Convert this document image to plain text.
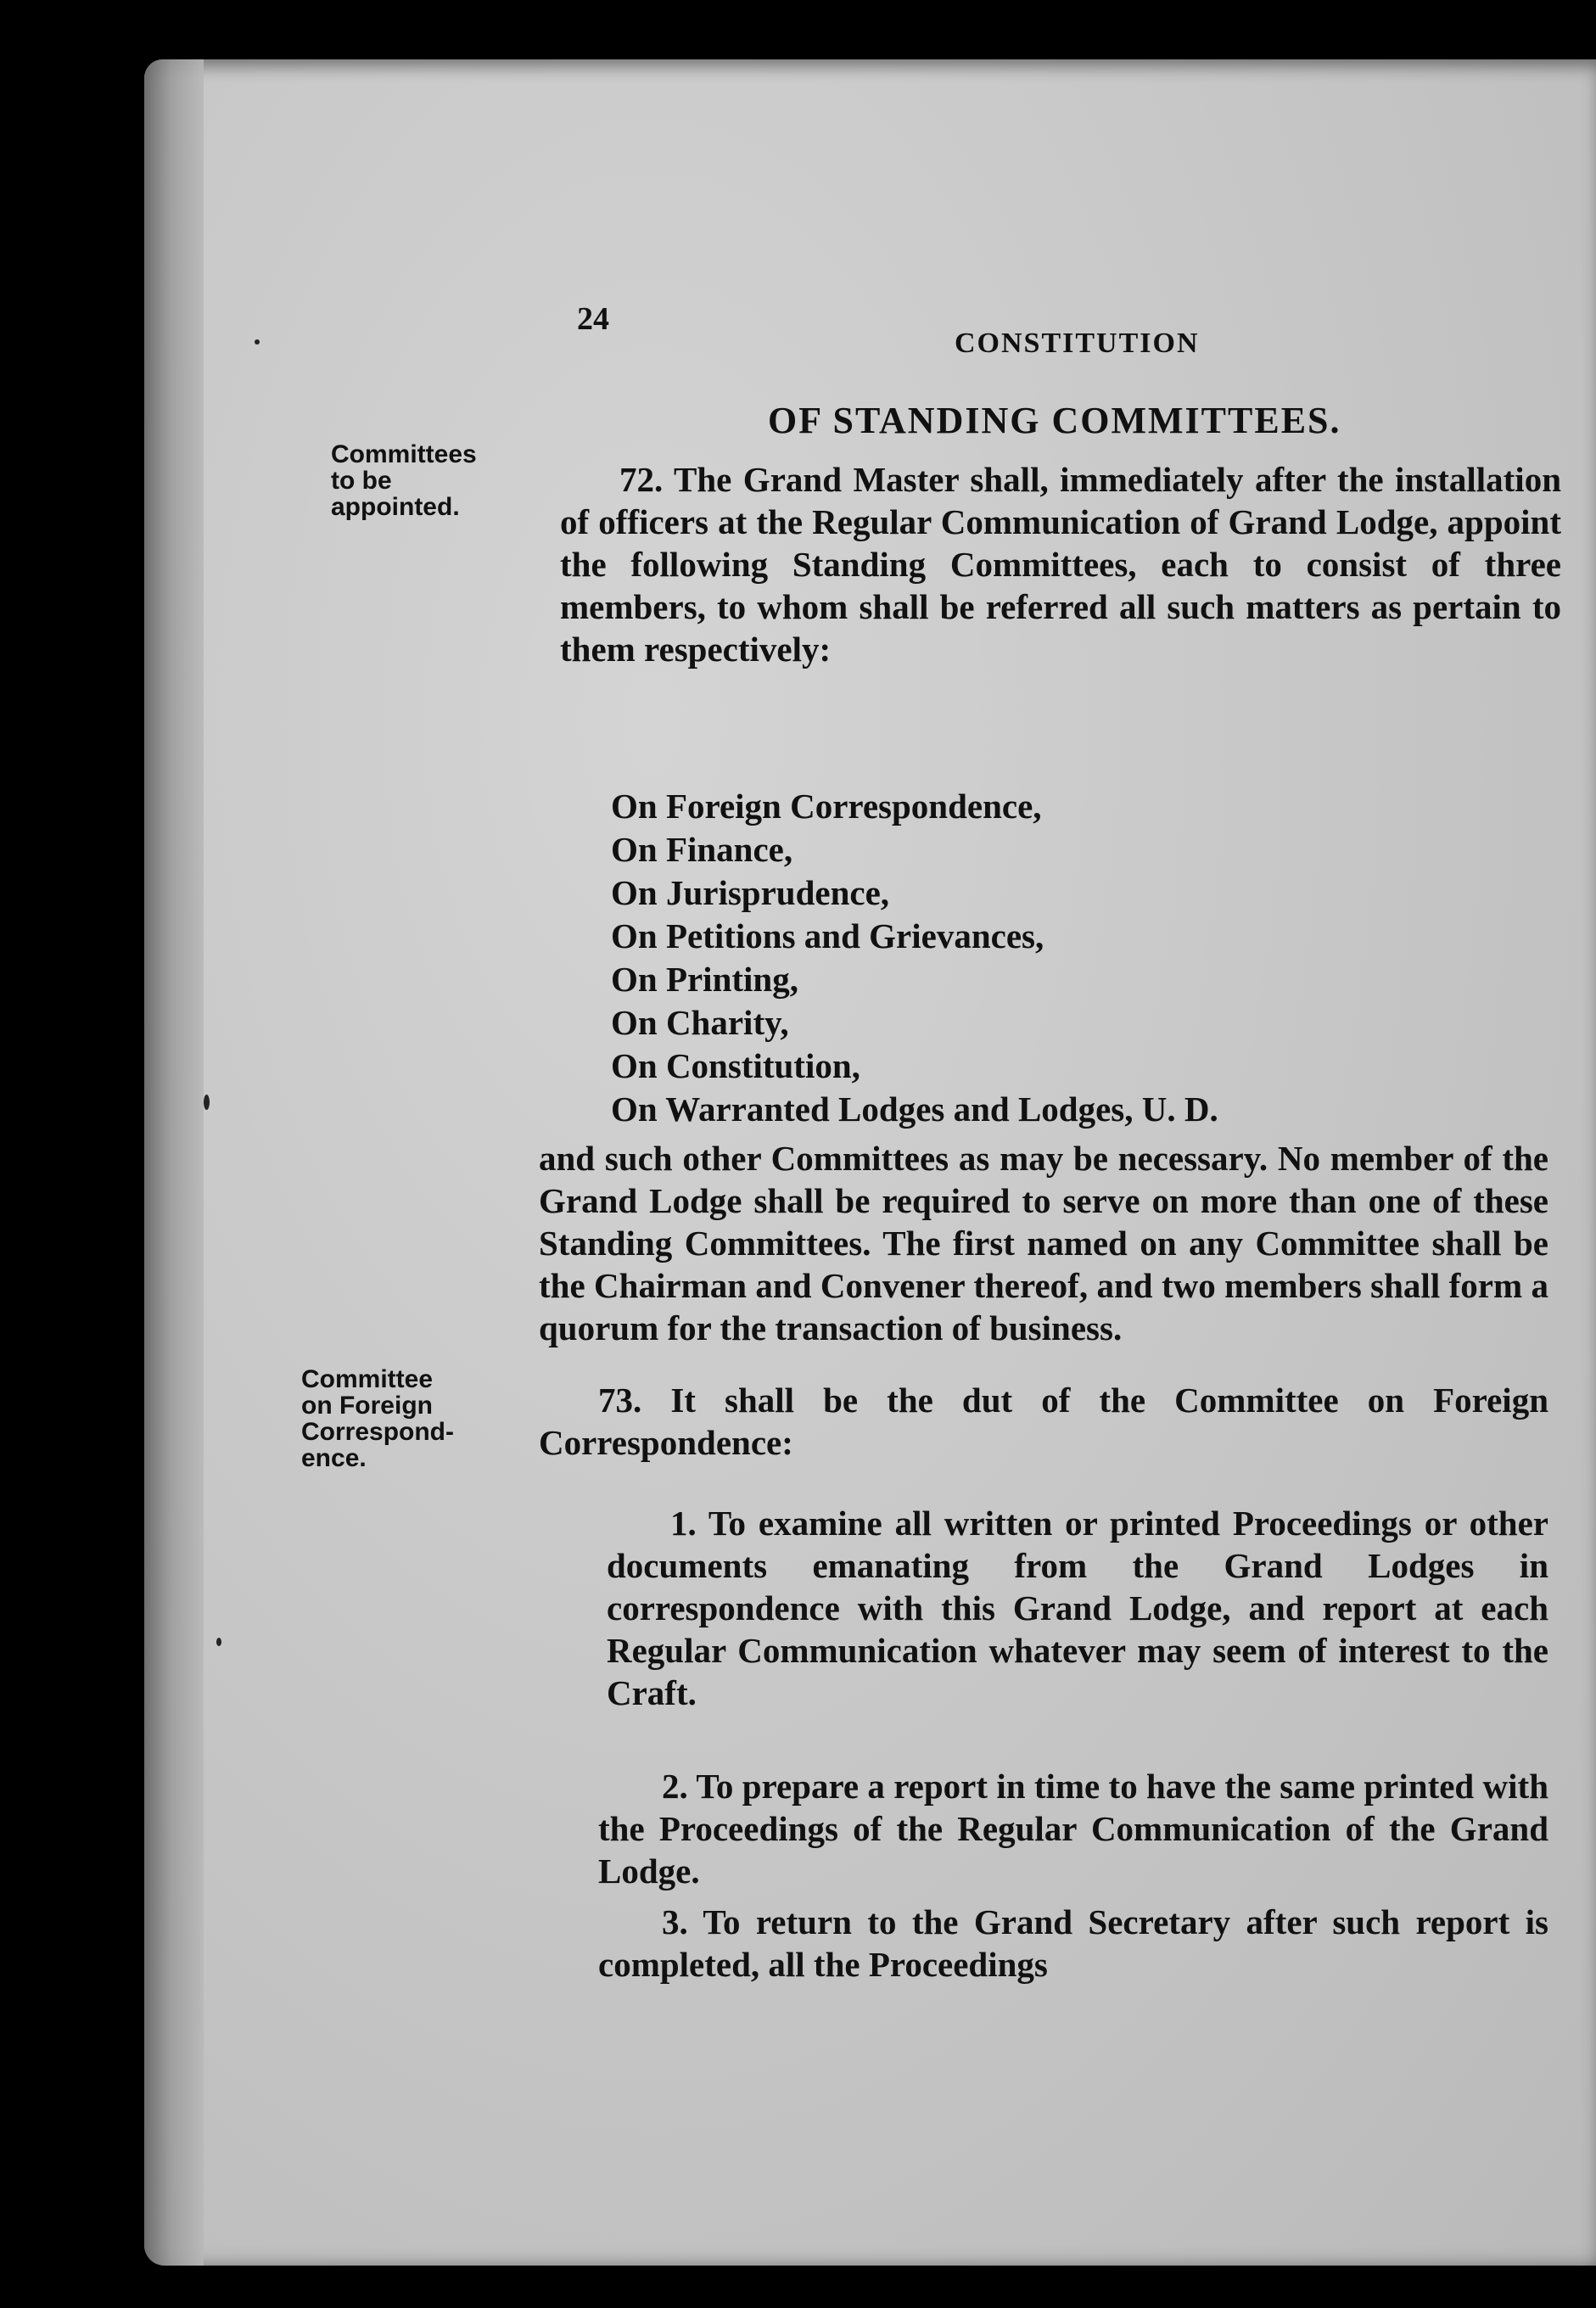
24
CONSTITUTION
OF STANDING COMMITTEES.
Committees
to be
appointed.

72. The Grand Master shall, immediately after the installation of officers at the Regular Communication of Grand Lodge, appoint the following Standing Committees, each to consist of three members, to whom shall be referred all such matters as pertain to them respectively:

On Foreign Correspondence,
On Finance,
On Jurisprudence,
On Petitions and Grievances,
On Printing,
On Charity,
On Constitution,
On Warranted Lodges and Lodges, U. D.

and such other Committees as may be necessary. No member of the Grand Lodge shall be required to serve on more than one of these Standing Committees. The first named on any Committee shall be the Chairman and Convener thereof, and two members shall form a quorum for the transaction of business.

Committee
on Foreign
Correspond-
ence.

73. It shall be the dut of the Committee on Foreign Correspondence:

1. To examine all written or printed Proceedings or other documents emanating from the Grand Lodges in correspondence with this Grand Lodge, and report at each Regular Communication whatever may seem of interest to the Craft.
2. To prepare a report in time to have the same printed with the Proceedings of the Regular Communication of the Grand Lodge.
3. To return to the Grand Secretary after such report is completed, all the Proceedings
